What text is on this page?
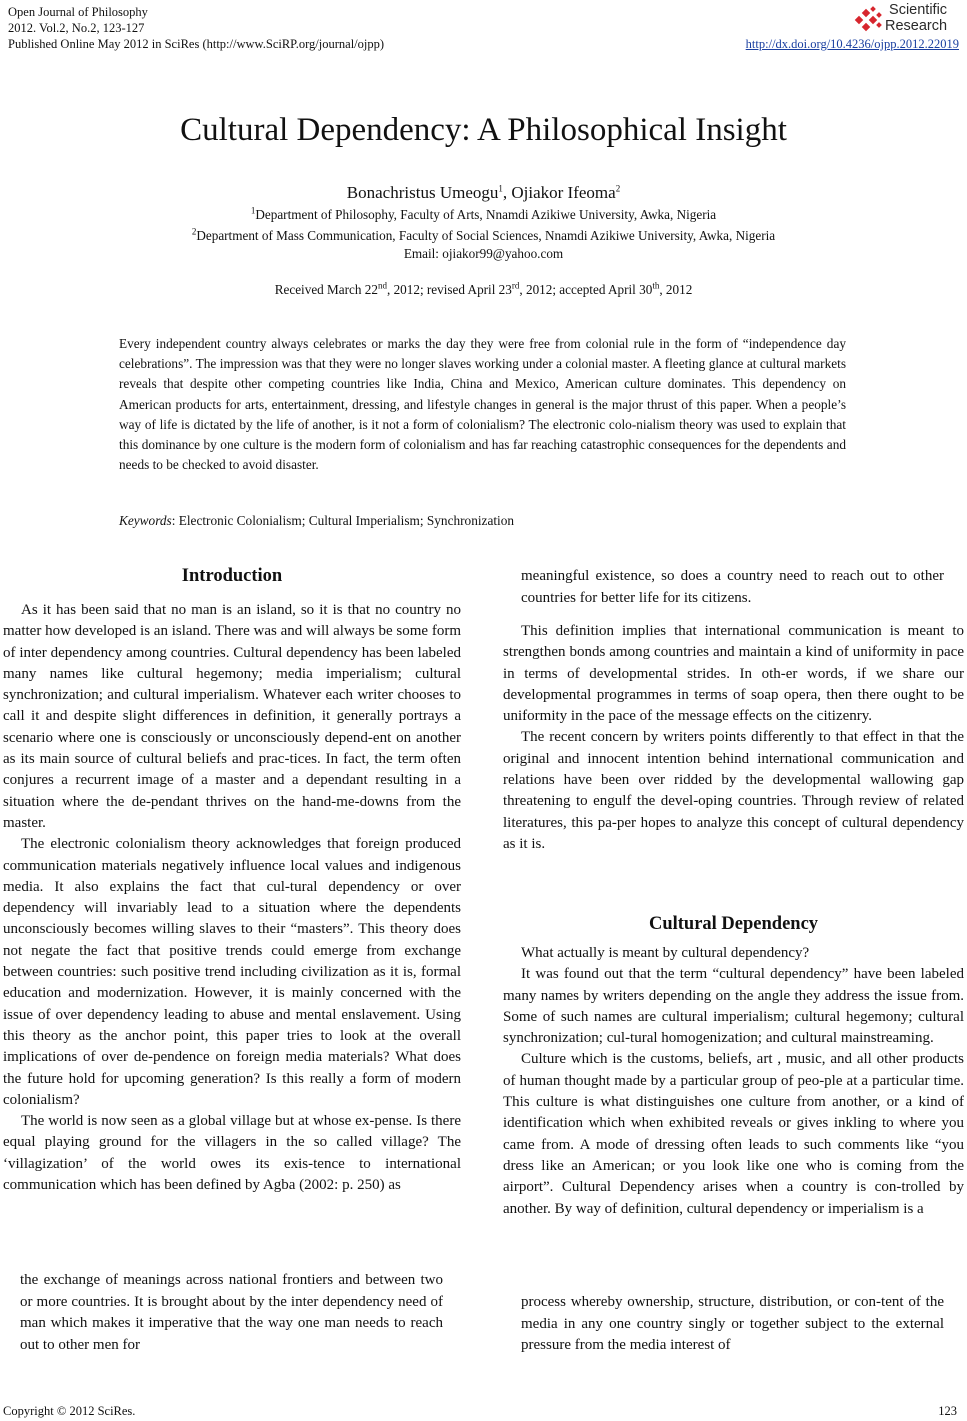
Open Journal of Philosophy
2012. Vol.2, No.2, 123-127
Published Online May 2012 in SciRes (http://www.SciRP.org/journal/ojpp)
Scientific
Research
http://dx.doi.org/10.4236/ojpp.2012.22019
Cultural Dependency: A Philosophical Insight
Bonachristus Umeogu$^1$, Ojiakor Ifeoma$^2$
$^1$Department of Philosophy, Faculty of Arts, Nnamdi Azikiwe University, Awka, Nigeria
$^2$Department of Mass Communication, Faculty of Social Sciences, Nnamdi Azikiwe University, Awka, Nigeria
Email: ojiakor99@yahoo.com
Received March 22nd, 2012; revised April 23rd, 2012; accepted April 30th, 2012
Every independent country always celebrates or marks the day they were free from colonial rule in the form of “independence day celebrations”. The impression was that they were no longer slaves working under a colonial master. A fleeting glance at cultural markets reveals that despite other competing countries like India, China and Mexico, American culture dominates. This dependency on American products for arts, entertainment, dressing, and lifestyle changes in general is the major thrust of this paper. When a people’s way of life is dictated by the life of another, is it not a form of colonialism? The electronic colo-nialism theory was used to explain that this dominance by one culture is the modern form of colonialism and has far reaching catastrophic consequences for the dependents and needs to be checked to avoid disaster.
Keywords: Electronic Colonialism; Cultural Imperialism; Synchronization
Introduction

As it has been said that no man is an island, so it is that no country no matter how developed is an island. There was and will always be some form of inter dependency among countries. Cultural dependency has been labeled many names like cultural hegemony; media imperialism; cultural synchronization; and cultural imperialism. Whatever each writer chooses to call it and despite slight differences in definition, it generally portrays a scenario where one is consciously or unconsciously depend-ent on another as its main source of cultural beliefs and prac-tices. In fact, the term often conjures a recurrent image of a master and a dependant resulting in a situation where the de-pendant thrives on the hand-me-downs from the master.

The electronic colonialism theory acknowledges that foreign produced communication materials negatively influence local values and indigenous media. It also explains the fact that cul-tural dependency or over dependency will invariably lead to a situation where the dependents unconsciously becomes willing slaves to their “masters”. This theory does not negate the fact that positive trends could emerge from exchange between countries: such positive trend including civilization as it is, formal education and modernization. However, it is mainly concerned with the issue of over dependency leading to abuse and mental enslavement. Using this theory as the anchor point, this paper tries to look at the overall implications of over de-pendence on foreign media materials? What does the future hold for upcoming generation? Is this really a form of modern colonialism?

The world is now seen as a global village but at whose ex-pense. Is there equal playing ground for the villagers in the so called village? The ‘villagization’ of the world owes its exis-tence to international communication which has been defined by Agba (2002: p. 250) as

the exchange of meanings across national frontiers and between two or more countries. It is brought about by the inter dependency need of man which makes it imperative that the way one man needs to reach out to other men for
meaningful existence, so does a country need to reach out to other countries for better life for its citizens.

This definition implies that international communication is meant to strengthen bonds among countries and maintain a kind of uniformity in pace in terms of developmental strides. In oth-er words, if we share our developmental programmes in terms of soap opera, then there ought to be uniformity in the pace of the message effects on the citizenry.

The recent concern by writers points differently to that effect in that the original and innocent intention behind international communication and relations have been over ridded by the developmental wallowing gap threatening to engulf the devel-oping countries. Through review of related literatures, this pa-per hopes to analyze this concept of cultural dependency as it is.

Cultural Dependency

What actually is meant by cultural dependency?

It was found out that the term “cultural dependency” have been labeled many names by writers depending on the angle they address the issue from. Some of such names are cultural imperialism; cultural hegemony; cultural synchronization; cul-tural homogenization; and cultural mainstreaming.

Culture which is the customs, beliefs, art , music, and all other products of human thought made by a particular group of peo-ple at a particular time. This culture is what distinguishes one culture from another, or a kind of identification which when exhibited reveals or gives inkling to where you came from. A mode of dressing often leads to such comments like “you dress like an American; or you look like one who is coming from the airport”. Cultural Dependency arises when a country is con-trolled by another. By way of definition, cultural dependency or imperialism is a

process whereby ownership, structure, distribution, or con-tent of the media in any one country singly or together subject to the external pressure from the media interest of
Copyright © 2012 SciRes.	123
